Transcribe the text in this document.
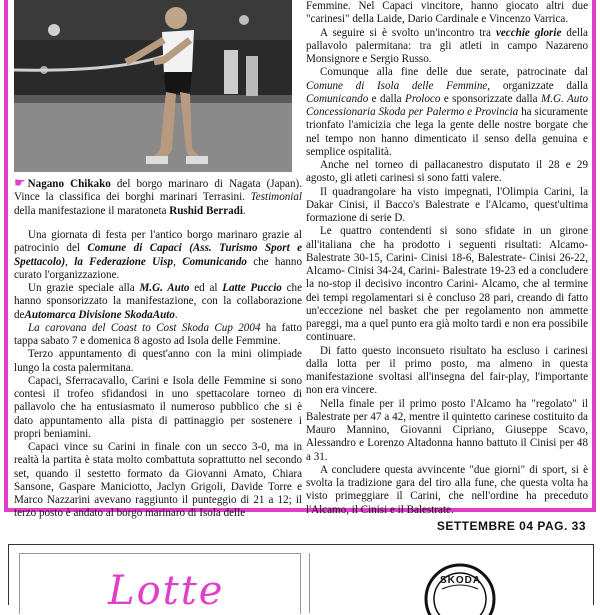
☛ Nagano Chikako del borgo marinaro di Nagata (Japan). Vince la classifica dei borghi marinari Terrasini. Testimonial della manifestazione il maratoneta Rushid Berradi.

Una giornata di festa per l'antico borgo marinaro grazie al patrocinio del Comune di Capaci (Ass. Turismo Sport e Spettacolo), la Federazione Uisp, Comunicando che hanno curato l'organizzazione.

Un grazie speciale alla M.G. Auto ed al Latte Puccio che hanno sponsorizzato la manifestazione, con la collaborazione deAutomarca Divisione SkodaAuto.

La carovana del Coast to Cost Skoda Cup 2004 ha fatto tappa sabato 7 e domenica 8 agosto ad Isola delle Femmine.

Terzo appuntamento di quest'anno con la mini olimpiade lungo la costa palermitana.

Capaci, Sferracavallo, Carini e Isola delle Femmine si sono contesi il trofeo sfidandosi in uno spettacolare torneo di pallavolo che ha entusiasmato il numeroso pubblico che si è dato appuntamento alla pista di pattinaggio per sostenere i propri beniamini.

Capaci vince su Carini in finale con un secco 3-0, ma in realtà la partita è stata molto combattuta soprattutto nel secondo set, quando il sestetto formato da Giovanni Amato, Chiara Sansone, Gaspare Maniciotto, Jaclyn Grigoli, Davide Torre e Marco Nazzarini avevano raggiunto il punteggio di 21 a 12; il terzo posto è andato al borgo marinaro di Isola delle

Femmine. Nel Capaci vincitore, hanno giocato altri due "carinesi" della Laide, Dario Cardinale e Vincenzo Varrica.

A seguire si è svolto un'incontro tra vecchie glorie della pallavolo palermitana: tra gli atleti in campo Nazareno Monsignore e Sergio Russo.

Comunque alla fine delle due serate, patrocinate dal Comune di Isola delle Femmine, organizzate dalla Comunicando e dalla Proloco e sponsorizzate dalla M.G. Auto Concessionaria Skoda per Palermo e Provincia ha sicuramente trionfato l'amicizia che lega la gente delle nostre borgate che nel tempo non hanno dimenticato il senso della genuina e semplice ospitalità.

Anche nel torneo di pallacanestro disputato il 28 e 29 agosto, gli atleti carinesi si sono fatti valere.

Il quadrangolare ha visto impegnati, l'Olimpia Carini, la Dakar Cinisi, il Bacco's Balestrate e l'Alcamo, quest'ultima formazione di serie D.

Le quattro contendenti si sono sfidate in un girone all'italiana che ha prodotto i seguenti risultati: Alcamo-Balestrate 30-15, Carini- Cinisi 18-6, Balestrate- Cinisi 26-22, Alcamo- Cinisi 34-24, Carini- Balestrate 19-23 ed a concludere la no-stop il decisivo incontro Carini- Alcamo, che al termine dei tempi regolamentari si è concluso 28 pari, creando di fatto un'eccezione nel basket che per regolamento non ammette pareggi, ma a quel punto era già molto tardi e non era possibile continuare.

Di fatto questo inconsueto risultato ha escluso i carinesi dalla lotta per il primo posto, ma almeno in questa manifestazione svoltasi all'insegna del fair-play, l'importante non era vincere.

Nella finale per il primo posto l'Alcamo ha "regolato" il Balestrate per 47 a 42, mentre il quintetto carinese costituito da Mauro Mannino, Giovanni Cipriano, Giuseppe Scavo, Alessandro e Lorenzo Altadonna hanno battuto il Cinisi per 48 a 31.

A concludere questa avvincente "due giorni" di sport, si è svolta la tradizione gara del tiro alla fune, che questa volta ha visto primeggiare il Carini, che nell'ordine ha preceduto l'Alcamo, il Cinisi e il Balestrate.

SETTEMBRE 04 PAG. 33
Lotte	SKODA
